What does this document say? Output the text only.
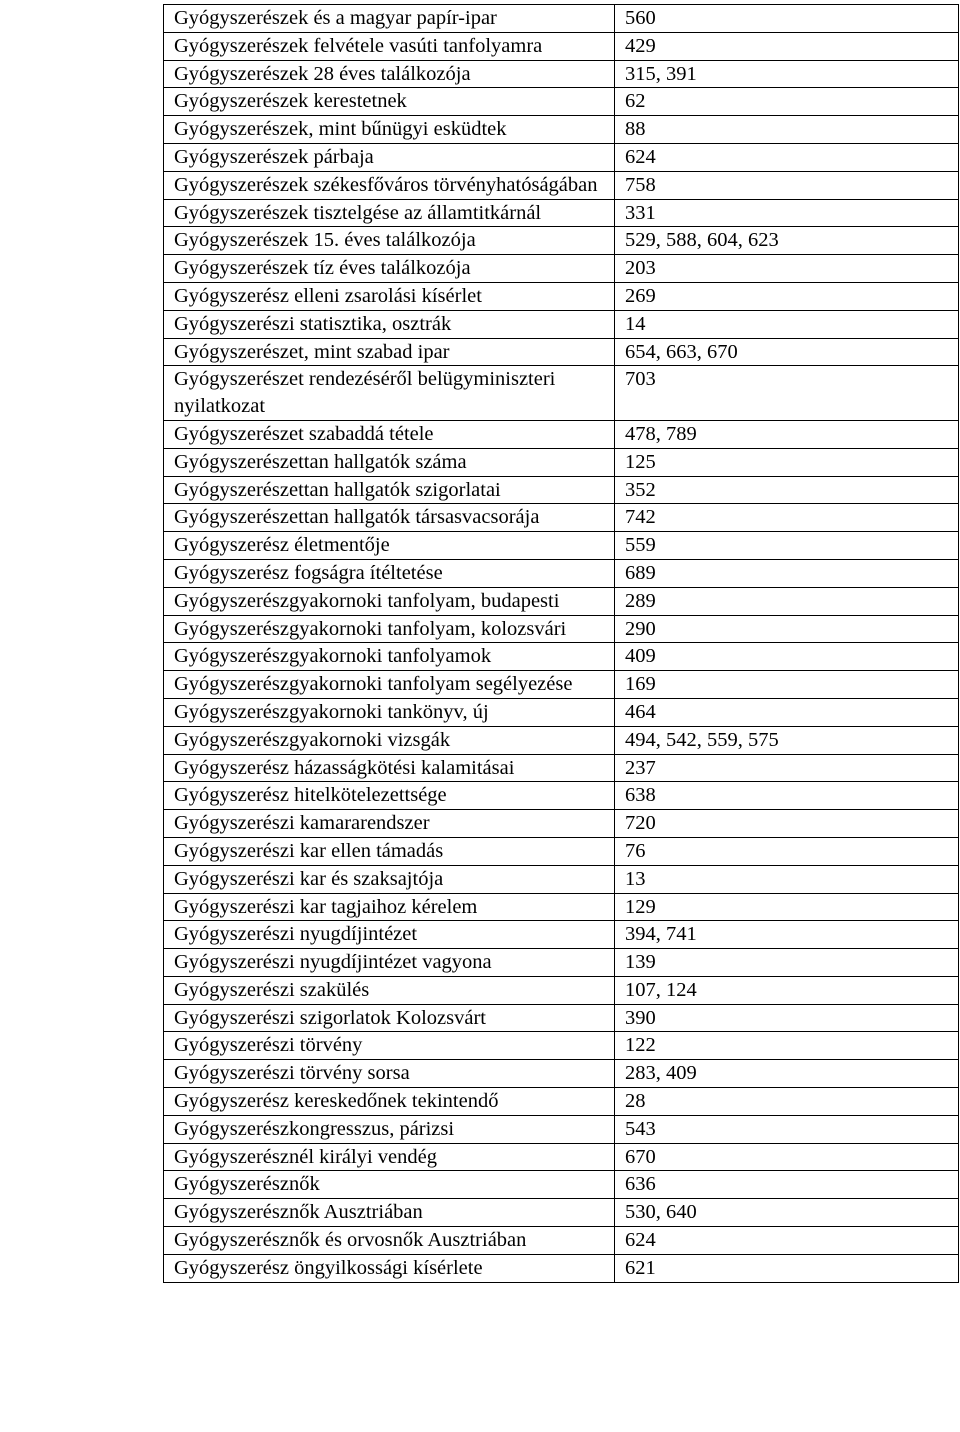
Gyógyszerészek és a magyar papír-ipar	560
Gyógyszerészek felvétele vasúti tanfolyamra	429
Gyógyszerészek 28 éves találkozója	315, 391
Gyógyszerészek kerestetnek	62
Gyógyszerészek, mint bűnügyi esküdtek	88
Gyógyszerészek párbaja	624
Gyógyszerészek székesfőváros törvényhatóságában	758
Gyógyszerészek tisztelgése az államtitkárnál	331
Gyógyszerészek 15. éves találkozója	529, 588, 604, 623
Gyógyszerészek tíz éves találkozója	203
Gyógyszerész elleni zsarolási kísérlet	269
Gyógyszerészi statisztika, osztrák	14
Gyógyszerészet, mint szabad ipar	654, 663, 670
Gyógyszerészet rendezéséről belügyminiszteri nyilatkozat	703
Gyógyszerészet szabaddá tétele	478, 789
Gyógyszerészettan hallgatók száma	125
Gyógyszerészettan hallgatók szigorlatai	352
Gyógyszerészettan hallgatók társasvacsorája	742
Gyógyszerész életmentője	559
Gyógyszerész fogságra ítéltetése	689
Gyógyszerészgyakornoki tanfolyam, budapesti	289
Gyógyszerészgyakornoki tanfolyam, kolozsvári	290
Gyógyszerészgyakornoki tanfolyamok	409
Gyógyszerészgyakornoki tanfolyam segélyezése	169
Gyógyszerészgyakornoki tankönyv, új	464
Gyógyszerészgyakornoki vizsgák	494, 542, 559, 575
Gyógyszerész házasságkötési kalamitásai	237
Gyógyszerész hitelkötelezettsége	638
Gyógyszerészi kamararendszer	720
Gyógyszerészi kar ellen támadás	76
Gyógyszerészi kar és szaksajtója	13
Gyógyszerészi kar tagjaihoz kérelem	129
Gyógyszerészi nyugdíjintézet	394, 741
Gyógyszerészi nyugdíjintézet vagyona	139
Gyógyszerészi szakülés	107, 124
Gyógyszerészi szigorlatok Kolozsvárt	390
Gyógyszerészi törvény	122
Gyógyszerészi törvény sorsa	283, 409
Gyógyszerész kereskedőnek tekintendő	28
Gyógyszerészkongresszus, párizsi	543
Gyógyszerésznél királyi vendég	670
Gyógyszerésznők	636
Gyógyszerésznők Ausztriában	530, 640
Gyógyszerésznők és orvosnők Ausztriában	624
Gyógyszerész öngyilkossági kísérlete	621
